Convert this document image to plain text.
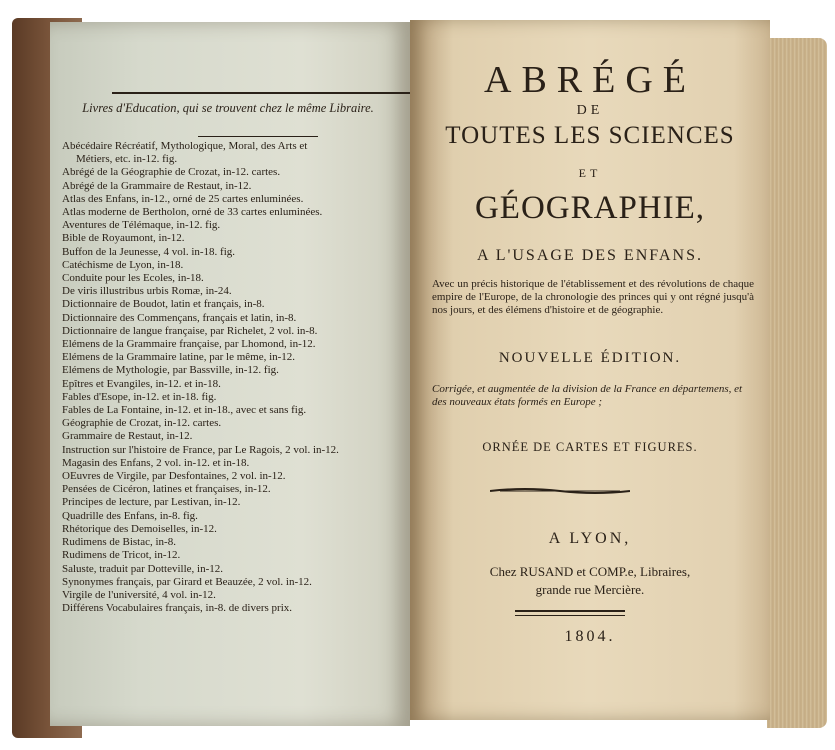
Livres d'Education, qui se trouvent chez le même Libraire.
Abécédaire Récréatif, Mythologique, Moral, des Arts et
Métiers, etc. in-12. fig.
Abrégé de la Géographie de Crozat, in-12. cartes.
Abrégé de la Grammaire de Restaut, in-12.
Atlas des Enfans, in-12., orné de 25 cartes enluminées.
Atlas moderne de Bertholon, orné de 33 cartes enluminées.
Aventures de Télémaque, in-12. fig.
Bible de Royaumont, in-12.
Buffon de la Jeunesse, 4 vol. in-18. fig.
Catéchisme de Lyon, in-18.
Conduite pour les Ecoles, in-18.
De viris illustribus urbis Romæ, in-24.
Dictionnaire de Boudot, latin et français, in-8.
Dictionnaire des Commençans, français et latin, in-8.
Dictionnaire de langue française, par Richelet, 2 vol. in-8.
Elémens de la Grammaire française, par Lhomond, in-12.
Elémens de la Grammaire latine, par le même, in-12.
Elémens de Mythologie, par Bassville, in-12. fig.
Epîtres et Evangiles, in-12. et in-18.
Fables d'Esope, in-12. et in-18. fig.
Fables de La Fontaine, in-12. et in-18., avec et sans fig.
Géographie de Crozat, in-12. cartes.
Grammaire de Restaut, in-12.
Instruction sur l'histoire de France, par Le Ragois, 2 vol. in-12.
Magasin des Enfans, 2 vol. in-12. et in-18.
OEuvres de Virgile, par Desfontaines, 2 vol. in-12.
Pensées de Cicéron, latines et françaises, in-12.
Principes de lecture, par Lestivan, in-12.
Quadrille des Enfans, in-8. fig.
Rhétorique des Demoiselles, in-12.
Rudimens de Bistac, in-8.
Rudimens de Tricot, in-12.
Saluste, traduit par Dotteville, in-12.
Synonymes français, par Girard et Beauzée, 2 vol. in-12.
Virgile de l'université, 4 vol. in-12.
Différens Vocabulaires français, in-8. de divers prix.
ABRÉGÉ
DE
TOUTES LES SCIENCES
ET
GÉOGRAPHIE,
A L'USAGE DES ENFANS.
Avec un précis historique de l'établissement et des révolutions de chaque empire de l'Europe, de la chronologie des princes qui y ont régné jusqu'à nos jours, et des élémens d'histoire et de géographie.
NOUVELLE ÉDITION.
Corrigée, et augmentée de la division de la France en départemens, et des nouveaux états formés en Europe ;
ORNÉE DE CARTES ET FIGURES.
A LYON,
Chez RUSAND et COMP.e, Libraires,
grande rue Mercière.
1804.
